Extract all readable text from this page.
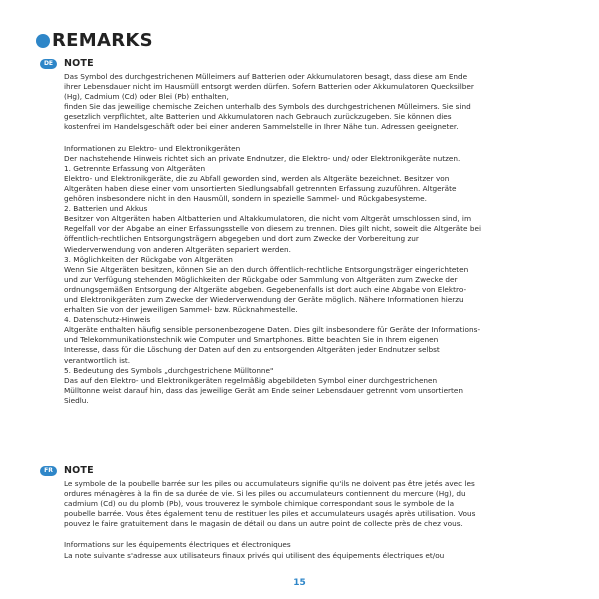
REMARKS
DE	NOTE

Das Symbol des durchgestrichenen Mülleimers auf Batterien oder Akkumulatoren besagt, dass diese am Ende

ihrer Lebensdauer nicht im Hausmüll entsorgt werden dürfen. Sofern Batterien oder Akkumulatoren Quecksilber

(Hg), Cadmium (Cd) oder Blei (Pb) enthalten,

finden Sie das jeweilige chemische Zeichen unterhalb des Symbols des durchgestrichenen Mülleimers. Sie sind

gesetzlich verpflichtet, alte Batterien und Akkumulatoren nach Gebrauch zurückzugeben. Sie können dies

kostenfrei im Handelsgeschäft oder bei einer anderen Sammelstelle in Ihrer Nähe tun. Adressen geeigneter.

Informationen zu Elektro- und Elektronikgeräten

Der nachstehende Hinweis richtet sich an private Endnutzer, die Elektro- und/ oder Elektronikgeräte nutzen.

1. Getrennte Erfassung von Altgeräten

Elektro- und Elektronikgeräte, die zu Abfall geworden sind, werden als Altgeräte bezeichnet. Besitzer von

Altgeräten haben diese einer vom unsortierten Siedlungsabfall getrennten Erfassung zuzuführen. Altgeräte

gehören insbesondere nicht in den Hausmüll, sondern in spezielle Sammel- und Rückgabesysteme.

2. Batterien und Akkus

Besitzer von Altgeräten haben Altbatterien und Altakkumulatoren, die nicht vom Altgerät umschlossen sind, im

Regelfall vor der Abgabe an einer Erfassungsstelle von diesem zu trennen. Dies gilt nicht, soweit die Altgeräte bei

öffentlich-rechtlichen Entsorgungsträgern abgegeben und dort zum Zwecke der Vorbereitung zur

Wiederverwendung von anderen Altgeräten separiert werden.

3. Möglichkeiten der Rückgabe von Altgeräten

Wenn Sie Altgeräten besitzen, können Sie an den durch öffentlich-rechtliche Entsorgungsträger eingerichteten

und zur Verfügung stehenden Möglichkeiten der Rückgabe oder Sammlung von Altgeräten zum Zwecke der

ordnungsgemäßen Entsorgung der Altgeräte abgeben. Gegebenenfalls ist dort auch eine Abgabe von Elektro-

und Elektronikgeräten zum Zwecke der Wiederverwendung der Geräte möglich. Nähere Informationen hierzu

erhalten Sie von der jeweiligen Sammel- bzw. Rücknahmestelle.

4. Datenschutz-Hinweis

Altgeräte enthalten häufig sensible personenbezogene Daten. Dies gilt insbesondere für Geräte der Informations-

und Telekommunikationstechnik wie Computer und Smartphones. Bitte beachten Sie in Ihrem eigenen

Interesse, dass für die Löschung der Daten auf den zu entsorgenden Altgeräten jeder Endnutzer selbst

verantwortlich ist.

5. Bedeutung des Symbols „durchgestrichene Mülltonne"

Das auf den Elektro- und Elektronikgeräten regelmäßig abgebildeten Symbol einer durchgestrichenen

Mülltonne weist darauf hin, dass das jeweilige Gerät am Ende seiner Lebensdauer getrennt vom unsortierten

Siedlu.

FR	NOTE

Le symbole de la poubelle barrée sur les piles ou accumulateurs signifie qu'ils ne doivent pas être jetés avec les

ordures ménagères à la fin de sa durée de vie. Si les piles ou accumulateurs contiennent du mercure (Hg), du

cadmium (Cd) ou du plomb (Pb), vous trouverez le symbole chimique correspondant sous le symbole de la

poubelle barrée. Vous êtes également tenu de restituer les piles et accumulateurs usagés après utilisation. Vous

pouvez le faire gratuitement dans le magasin de détail ou dans un autre point de collecte près de chez vous.

Informations sur les équipements électriques et électroniques

La note suivante s'adresse aux utilisateurs finaux privés qui utilisent des équipements électriques et/ou

15
